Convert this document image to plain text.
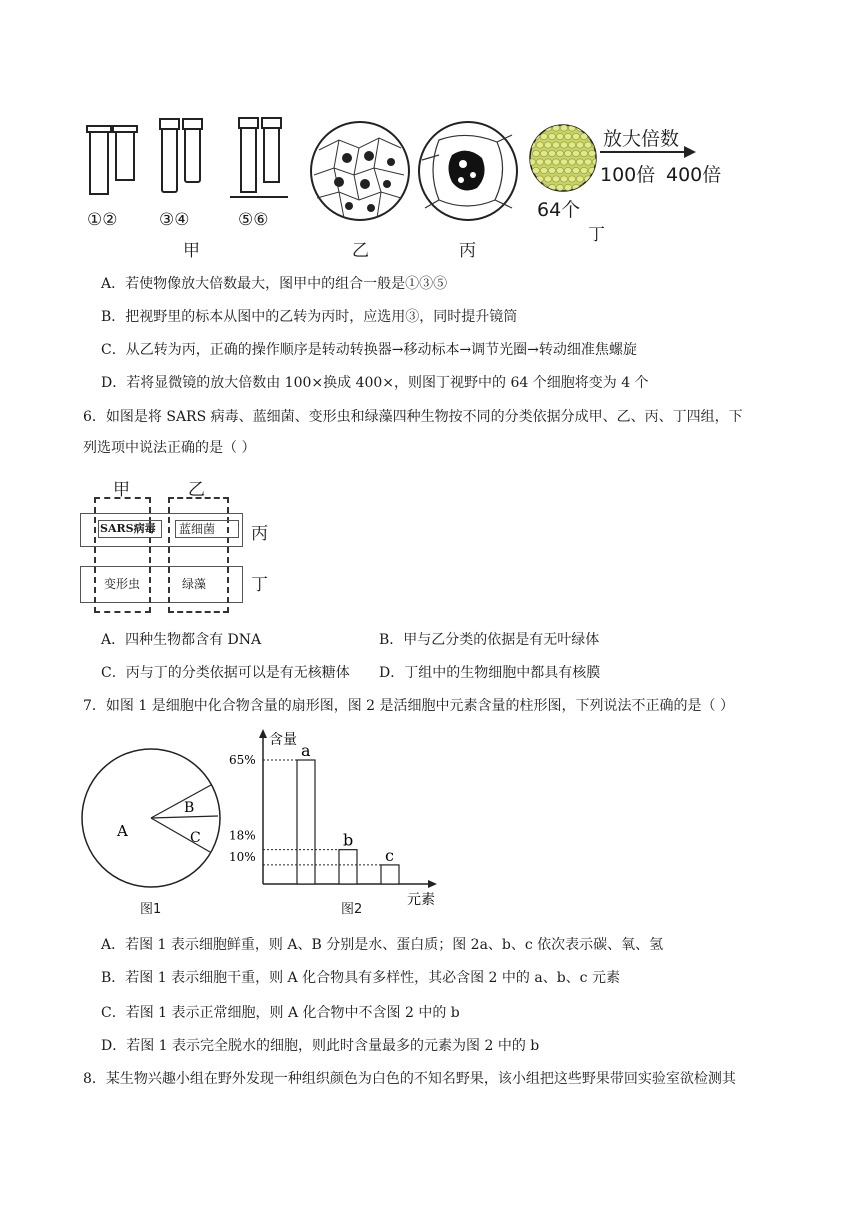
①② ③④	⑤⑥
甲	乙	丙
64个
丁
放大倍数
100倍 400倍
A．若使物像放大倍数最大，图甲中的组合一般是①③⑤
B．把视野里的标本从图中的乙转为丙时，应选用③，同时提升镜筒
C．从乙转为丙，正确的操作顺序是转动转换器→移动标本→调节光圈→转动细准焦螺旋
D．若将显微镜的放大倍数由 100×换成 400×，则图丁视野中的 64 个细胞将变为 4 个
6．如图是将 SARS 病毒、蓝细菌、变形虫和绿藻四种生物按不同的分类依据分成甲、乙、丙、丁四组，下
列选项中说法正确的是（ ）
甲	乙
SARS病毒	蓝细菌
变形虫	绿藻
丙
丁
A．四种生物都含有 DNA	B．甲与乙分类的依据是有无叶绿体
C．丙与丁的分类依据可以是有无核糖体 D．丁组中的生物细胞中都具有核膜
7．如图 1 是细胞中化合物含量的扇形图，图 2 是活细胞中元素含量的柱形图，下列说法不正确的是（ ）
A
B
C
图1
含量
元素
a
b
c
65%
18%
10%
图2
A．若图 1 表示细胞鲜重，则 A、B 分别是水、蛋白质；图 2a、b、c 依次表示碳、氧、氢
B．若图 1 表示细胞干重，则 A 化合物具有多样性，其必含图 2 中的 a、b、c 元素
C．若图 1 表示正常细胞，则 A 化合物中不含图 2 中的 b
D．若图 1 表示完全脱水的细胞，则此时含量最多的元素为图 2 中的 b
8．某生物兴趣小组在野外发现一种组织颜色为白色的不知名野果，该小组把这些野果带回实验室欲检测其
